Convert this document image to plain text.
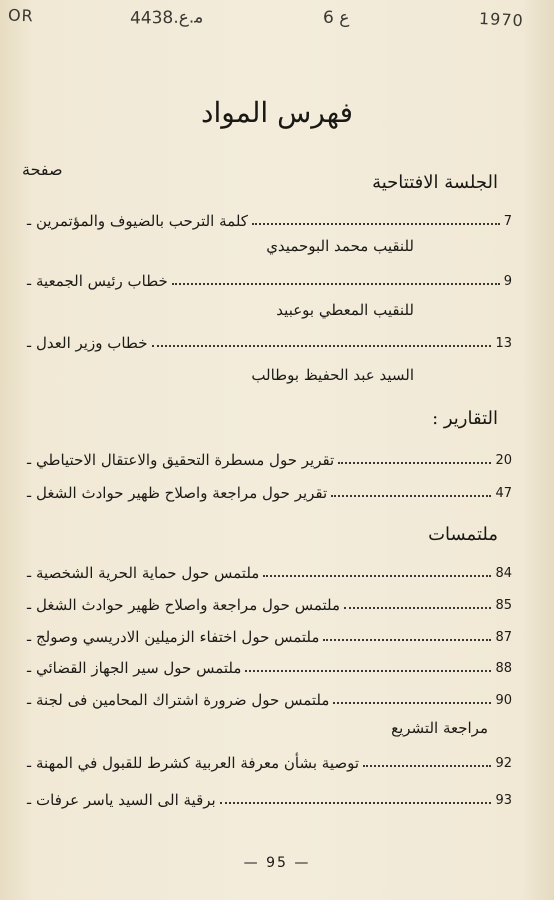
OR	ﻣ.ع.4438	6 ع	1970
فهرس المواد
صفحة
الجلسة الافتتاحية
ـ كلمة الترحب بالضيوف والمؤتمرين	7
للنقيب محمد البوحميدي
ـ خطاب رئيس الجمعية	9
للنقيب المعطي بوعبيد
ـ خطاب وزير العدل	13
السيد عبد الحفيظ بوطالب
التقارير :
ـ تقرير حول مسطرة التحقيق والاعتقال الاحتياطي	20
ـ تقرير حول مراجعة واصلاح ظهير حوادث الشغل	47
ملتمسات
ـ ملتمس حول حماية الحرية الشخصية	84
ـ ملتمس حول مراجعة واصلاح ظهير حوادث الشغل	85
ـ ملتمس حول اختفاء الزميلين الادريسي وصولج	87
ـ ملتمس حول سير الجهاز القضائي	88
ـ ملتمس حول ضرورة اشتراك المحامين فى لجنة	90
مراجعة التشريع
ـ توصية بشأن معرفة العربية كشرط للقبول في المهنة	92
ـ برقية الى السيد ياسر عرفات	93
— 95 —
